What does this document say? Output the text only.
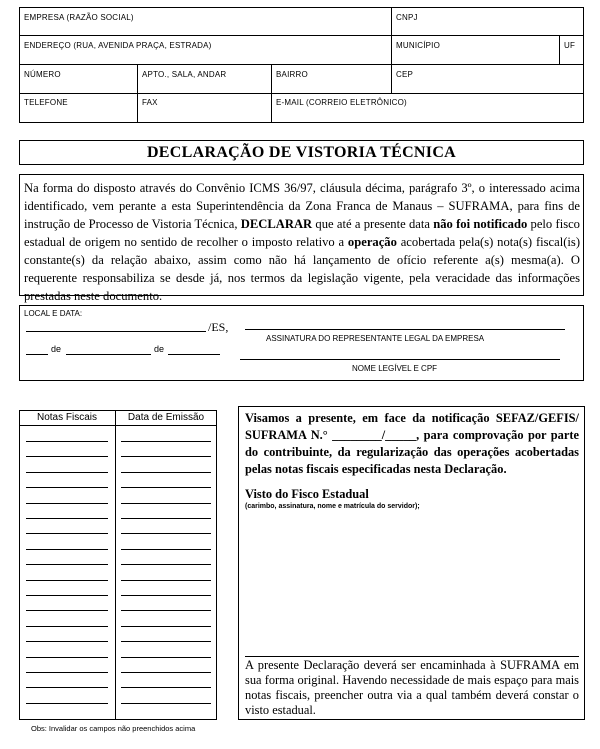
EMPRESA (RAZÃO SOCIAL)	CNPJ
ENDEREÇO (RUA, AVENIDA PRAÇA, ESTRADA)	MUNICÍPIO	UF
NÚMERO	APTO., SALA, ANDAR	BAIRRO	CEP
TELEFONE	FAX	E-MAIL (CORREIO ELETRÔNICO)
DECLARAÇÃO DE VISTORIA TÉCNICA

Na forma do disposto através do Convênio ICMS 36/97, cláusula décima, parágrafo 3º, o interessado acima identificado, vem perante a esta Superintendência da Zona Franca de Manaus – SUFRAMA, para fins de instrução de Processo de Vistoria Técnica, DECLARAR que até a presente data não foi notificado pelo fisco estadual de origem no sentido de recolher o imposto relativo a operação acobertada pela(s) nota(s) fiscal(is) constante(s) da relação abaixo, assim como não há lançamento de ofício referente a(s) mesma(a). O requerente responsabiliza se desde já, nos termos da legislação vigente, pela veracidade das informações prestadas neste documento.

LOCAL E DATA:
/ES,
ASSINATURA DO REPRESENTANTE LEGAL DA EMPRESA
de	de
NOME LEGÍVEL E CPF
Notas Fiscais	Data de Emissão	Visamos a presente, em face da notificação SEFAZ/GEFIS/ SUFRAMA N.° ________/_____, para comprovação por parte do contribuinte, da regularização das operações acobertadas pelas notas fiscais especificadas nesta Declaração.

Visto do Fisco Estadual
(carimbo, assinatura, nome e matrícula do servidor);

A presente Declaração deverá ser encaminhada à SUFRAMA em sua forma original. Havendo necessidade de mais espaço para mais notas fiscais, preencher outra via a qual também deverá constar o visto estadual.

Obs: Invalidar os campos não preenchidos acima
